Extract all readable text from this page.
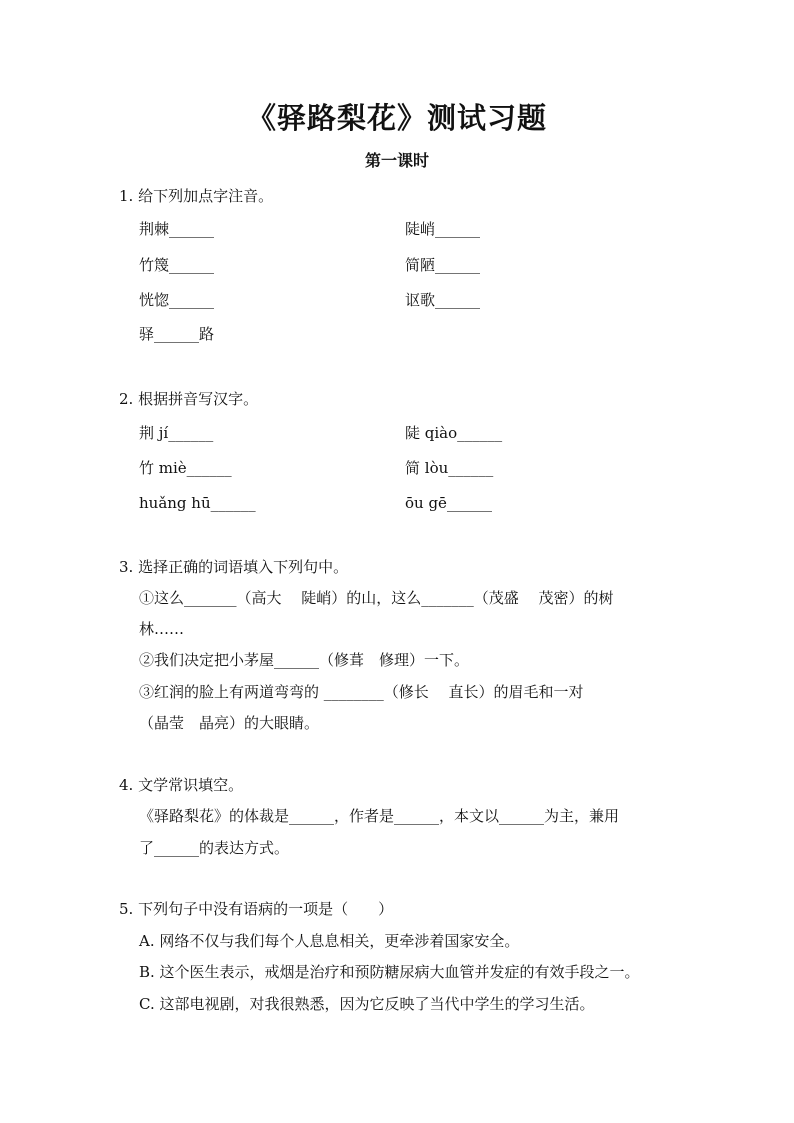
《驿路梨花》测试习题
第一课时
1. 给下列加点字注音。
荆棘______	陡峭______
竹篾______	简陋______
恍惚______	讴歌______
驿______路
2. 根据拼音写汉字。
荆 jí______	陡 qiào______
竹 miè______	简 lòu______
huǎng hū______	ōu gē______
3. 选择正确的词语填入下列句中。
①这么_______（高大　 陡峭）的山，这么_______（茂盛　 茂密）的树
林……
②我们决定把小茅屋______（修葺　修理）一下。
③红润的脸上有两道弯弯的 ________（修长　 直长）的眉毛和一对
（晶莹　晶亮）的大眼睛。
4. 文学常识填空。
《驿路梨花》的体裁是______，作者是______，本文以______为主，兼用
了______的表达方式。
5. 下列句子中没有语病的一项是（　　）
A. 网络不仅与我们每个人息息相关，更牵涉着国家安全。
B. 这个医生表示，戒烟是治疗和预防糖尿病大血管并发症的有效手段之一。
C. 这部电视剧，对我很熟悉，因为它反映了当代中学生的学习生活。
